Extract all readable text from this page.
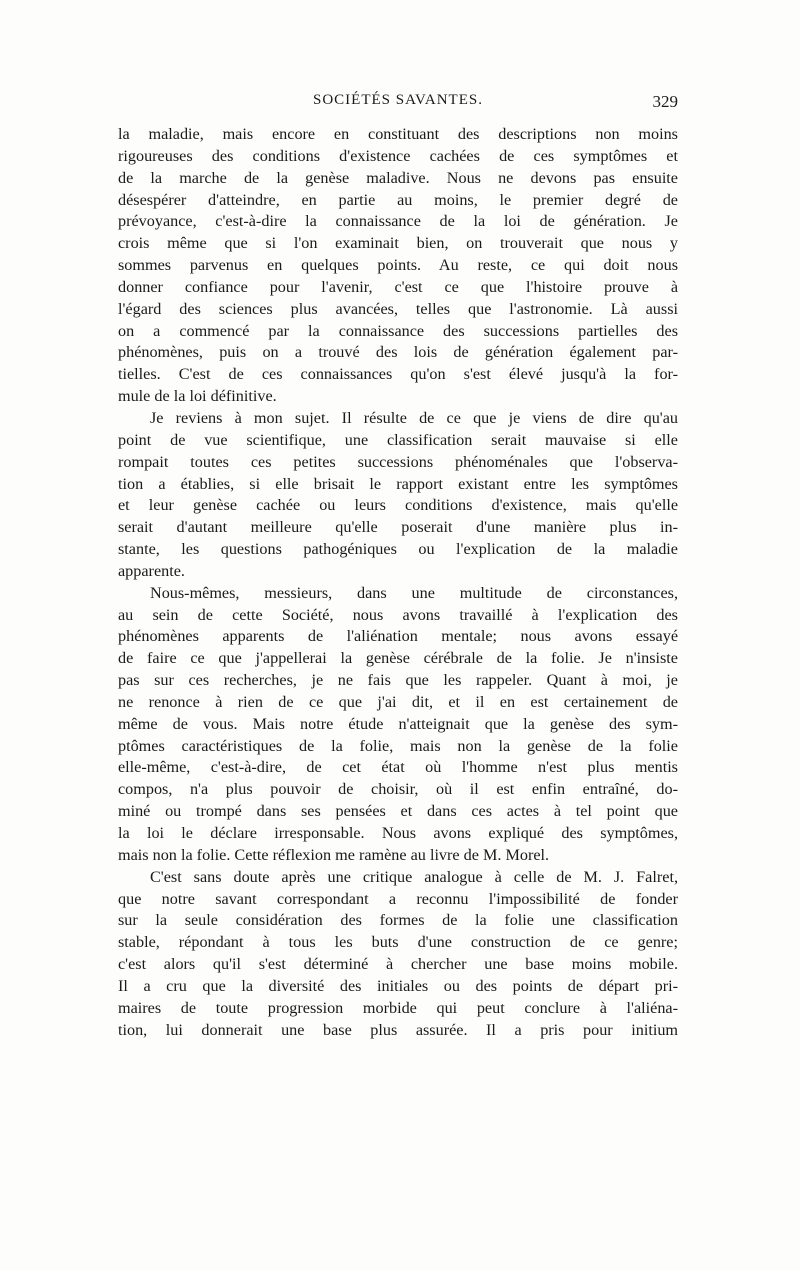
SOCIÉTÉS SAVANTES.	329
la maladie, mais encore en constituant des descriptions non moins
rigoureuses des conditions d'existence cachées de ces symptômes et
de la marche de la genèse maladive. Nous ne devons pas ensuite
désespérer d'atteindre, en partie au moins, le premier degré de
prévoyance, c'est-à-dire la connaissance de la loi de génération. Je
crois même que si l'on examinait bien, on trouverait que nous y
sommes parvenus en quelques points. Au reste, ce qui doit nous
donner confiance pour l'avenir, c'est ce que l'histoire prouve à
l'égard des sciences plus avancées, telles que l'astronomie. Là aussi
on a commencé par la connaissance des successions partielles des
phénomènes, puis on a trouvé des lois de génération également par-
tielles. C'est de ces connaissances qu'on s'est élevé jusqu'à la for-
mule de la loi définitive.
Je reviens à mon sujet. Il résulte de ce que je viens de dire qu'au
point de vue scientifique, une classification serait mauvaise si elle
rompait toutes ces petites successions phénoménales que l'observa-
tion a établies, si elle brisait le rapport existant entre les symptômes
et leur genèse cachée ou leurs conditions d'existence, mais qu'elle
serait d'autant meilleure qu'elle poserait d'une manière plus in-
stante, les questions pathogéniques ou l'explication de la maladie
apparente.
Nous-mêmes, messieurs, dans une multitude de circonstances,
au sein de cette Société, nous avons travaillé à l'explication des
phénomènes apparents de l'aliénation mentale; nous avons essayé
de faire ce que j'appellerai la genèse cérébrale de la folie. Je n'insiste
pas sur ces recherches, je ne fais que les rappeler. Quant à moi, je
ne renonce à rien de ce que j'ai dit, et il en est certainement de
même de vous. Mais notre étude n'atteignait que la genèse des sym-
ptômes caractéristiques de la folie, mais non la genèse de la folie
elle-même, c'est-à-dire, de cet état où l'homme n'est plus mentis
compos, n'a plus pouvoir de choisir, où il est enfin entraîné, do-
miné ou trompé dans ses pensées et dans ces actes à tel point que
la loi le déclare irresponsable. Nous avons expliqué des symptômes,
mais non la folie. Cette réflexion me ramène au livre de M. Morel.
C'est sans doute après une critique analogue à celle de M. J. Falret,
que notre savant correspondant a reconnu l'impossibilité de fonder
sur la seule considération des formes de la folie une classification
stable, répondant à tous les buts d'une construction de ce genre;
c'est alors qu'il s'est déterminé à chercher une base moins mobile.
Il a cru que la diversité des initiales ou des points de départ pri-
maires de toute progression morbide qui peut conclure à l'aliéna-
tion, lui donnerait une base plus assurée. Il a pris pour initium
